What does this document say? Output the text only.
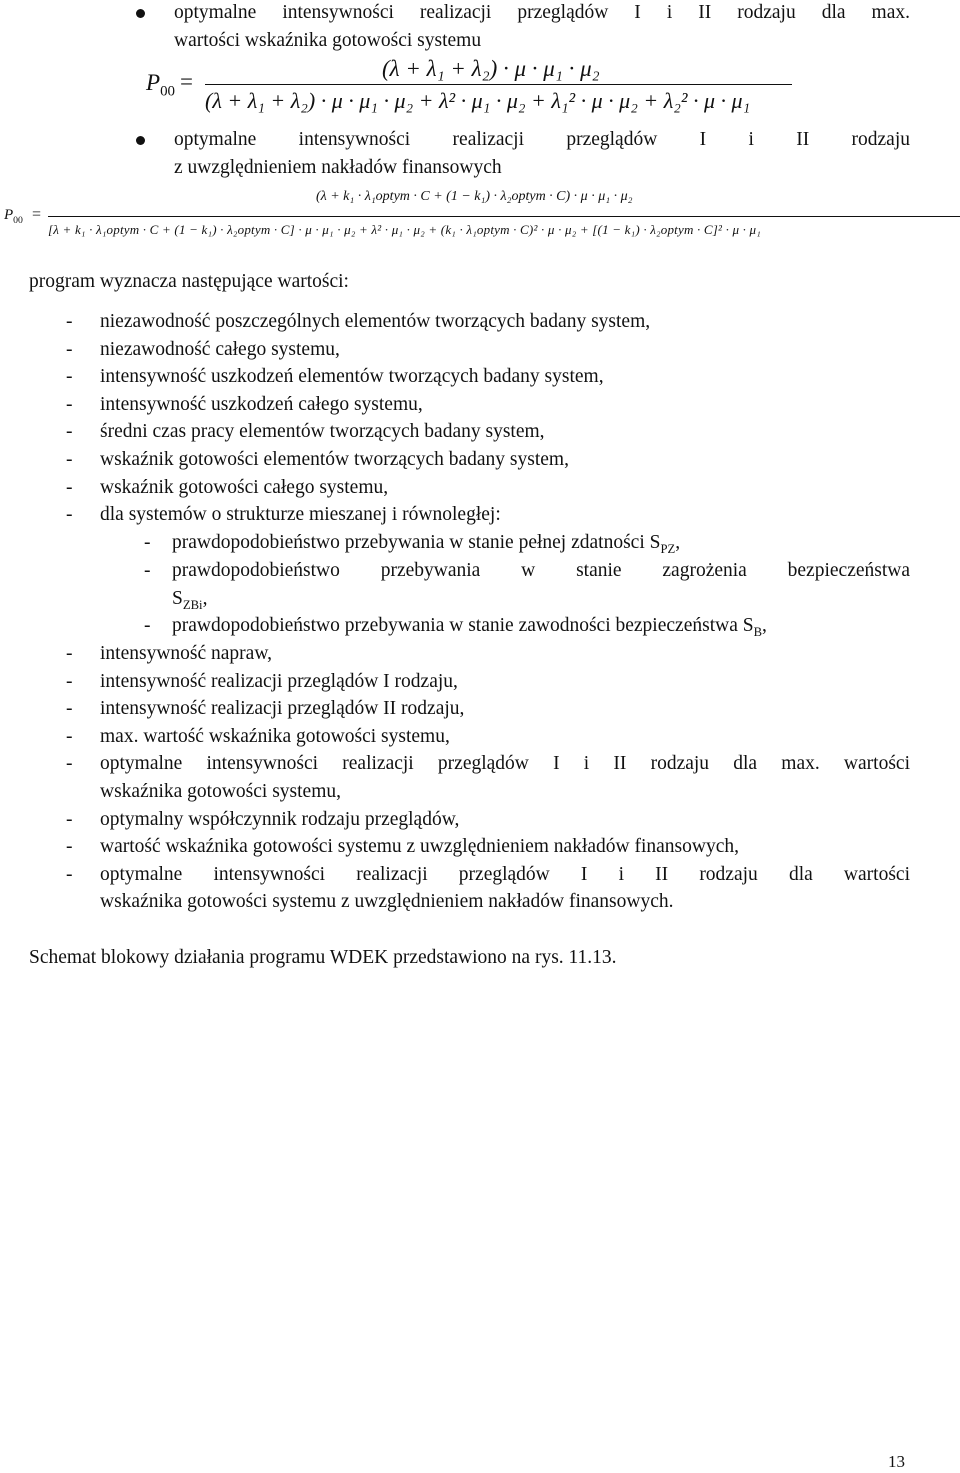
optymalne intensywności realizacji przeglądów I i II rodzaju dla max.
wartości wskaźnika gotowości systemu
$P_{00}$ =
(λ + λ₁ + λ₂) · μ · μ₁ · μ₂
(λ + λ₁ + λ₂) · μ · μ₁ · μ₂ + λ² · μ₁ · μ₂ + λ₁² · μ · μ₂ + λ₂² · μ · μ₁
optymalne intensywności realizacji przeglądów I i II rodzaju
z uwzględnieniem nakładów finansowych
$P_{00}$ =
(λ + k₁ · λ₁optym · C + (1 − k₁) · λ₂optym · C) · μ · μ₁ · μ₂
[λ + k₁ · λ₁optym · C + (1 − k₁) · λ₂optym · C] · μ · μ₁ · μ₂ + λ² · μ₁ · μ₂ + (k₁ · λ₁optym · C)² · μ · μ₂ + [(1 − k₁) · λ₂optym · C]² · μ · μ₁
program wyznacza następujące wartości:
- niezawodność poszczególnych elementów tworzących badany system,
- niezawodność całego systemu,
- intensywność uszkodzeń elementów tworzących badany system,
- intensywność uszkodzeń całego systemu,
- średni czas pracy elementów tworzących badany system,
- wskaźnik gotowości elementów tworzących badany system,
- wskaźnik gotowości całego systemu,
- dla systemów o strukturze mieszanej i równoległej:
- prawdopodobieństwo przebywania w stanie pełnej zdatności $S_{PZ}$,
- prawdopodobieństwo przebywania w stanie zagrożenia bezpieczeństwa
$S_{ZBi}$,
- prawdopodobieństwo przebywania w stanie zawodności bezpieczeństwa $S_B$,
- intensywność napraw,
- intensywność realizacji przeglądów I rodzaju,
- intensywność realizacji przeglądów II rodzaju,
- max. wartość wskaźnika gotowości systemu,
- optymalne intensywności realizacji przeglądów I i II rodzaju dla max. wartości
wskaźnika gotowości systemu,
- optymalny współczynnik rodzaju przeglądów,
- wartość wskaźnika gotowości systemu z uwzględnieniem nakładów finansowych,
- optymalne intensywności realizacji przeglądów I i II rodzaju dla wartości
wskaźnika gotowości systemu z uwzględnieniem nakładów finansowych.
Schemat blokowy działania programu WDEK przedstawiono na rys. 11.13.
13
